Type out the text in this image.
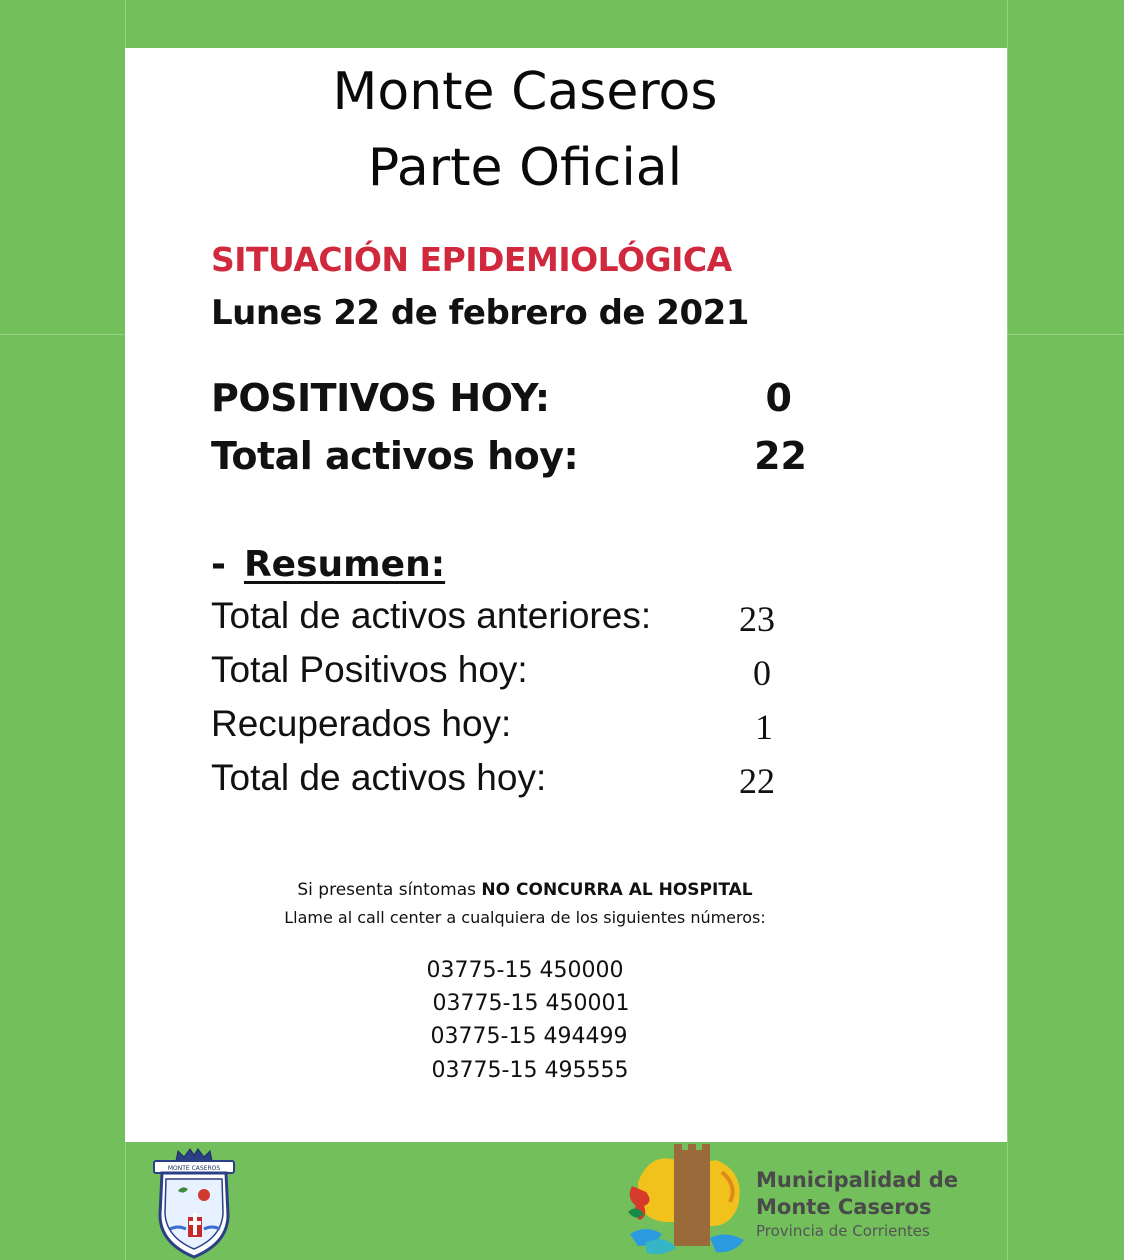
Monte Caseros
Parte Oficial
SITUACIÓN EPIDEMIOLÓGICA
Lunes 22 de febrero de 2021
POSITIVOS HOY:	0
Total activos hoy:	22
- Resumen:
Total de activos anteriores:	23
Total Positivos hoy:	0
Recuperados hoy:	1
Total de activos hoy:	22
Si presenta síntomas NO CONCURRA AL HOSPITAL
Llame al call center a cualquiera de los siguientes números:
03775-15 450000
03775-15 450001
03775-15 494499
03775-15 495555
MONTE CASEROS	Municipalidad de
Monte Caseros
Provincia de Corrientes
